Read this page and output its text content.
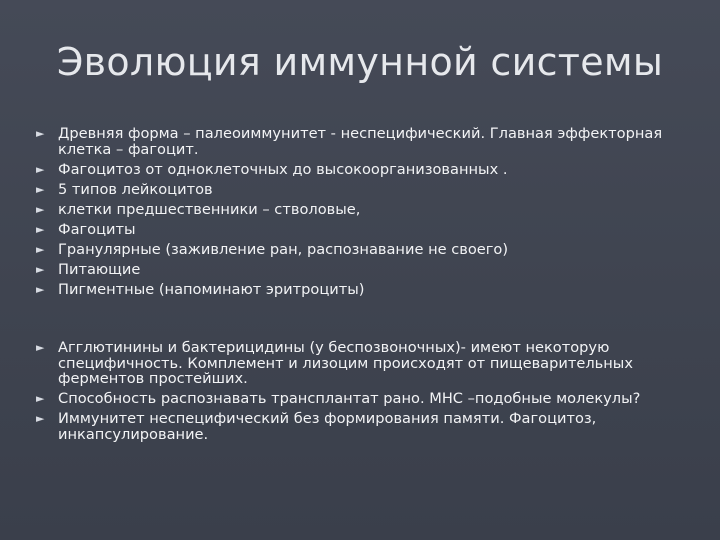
Эволюция иммунной системы
► Древняя форма – палеоиммунитет - неспецифический. Главная эффекторная клетка – фагоцит.
► Фагоцитоз от одноклеточных до высокоорганизованных .
► 5 типов лейкоцитов
► клетки предшественники – стволовые,
► Фагоциты
► Гранулярные (заживление ран, распознавание не своего)
► Питающие
► Пигментные (напоминают эритроциты)
► Агглютинины и бактерицидины (у беспозвоночных)- имеют некоторую специфичность. Комплемент и лизоцим происходят от пищеварительных ферментов простейших.
► Способность распознавать трансплантат рано. МНС –подобные молекулы?
► Иммунитет неспецифический без формирования памяти. Фагоцитоз, инкапсулирование.
